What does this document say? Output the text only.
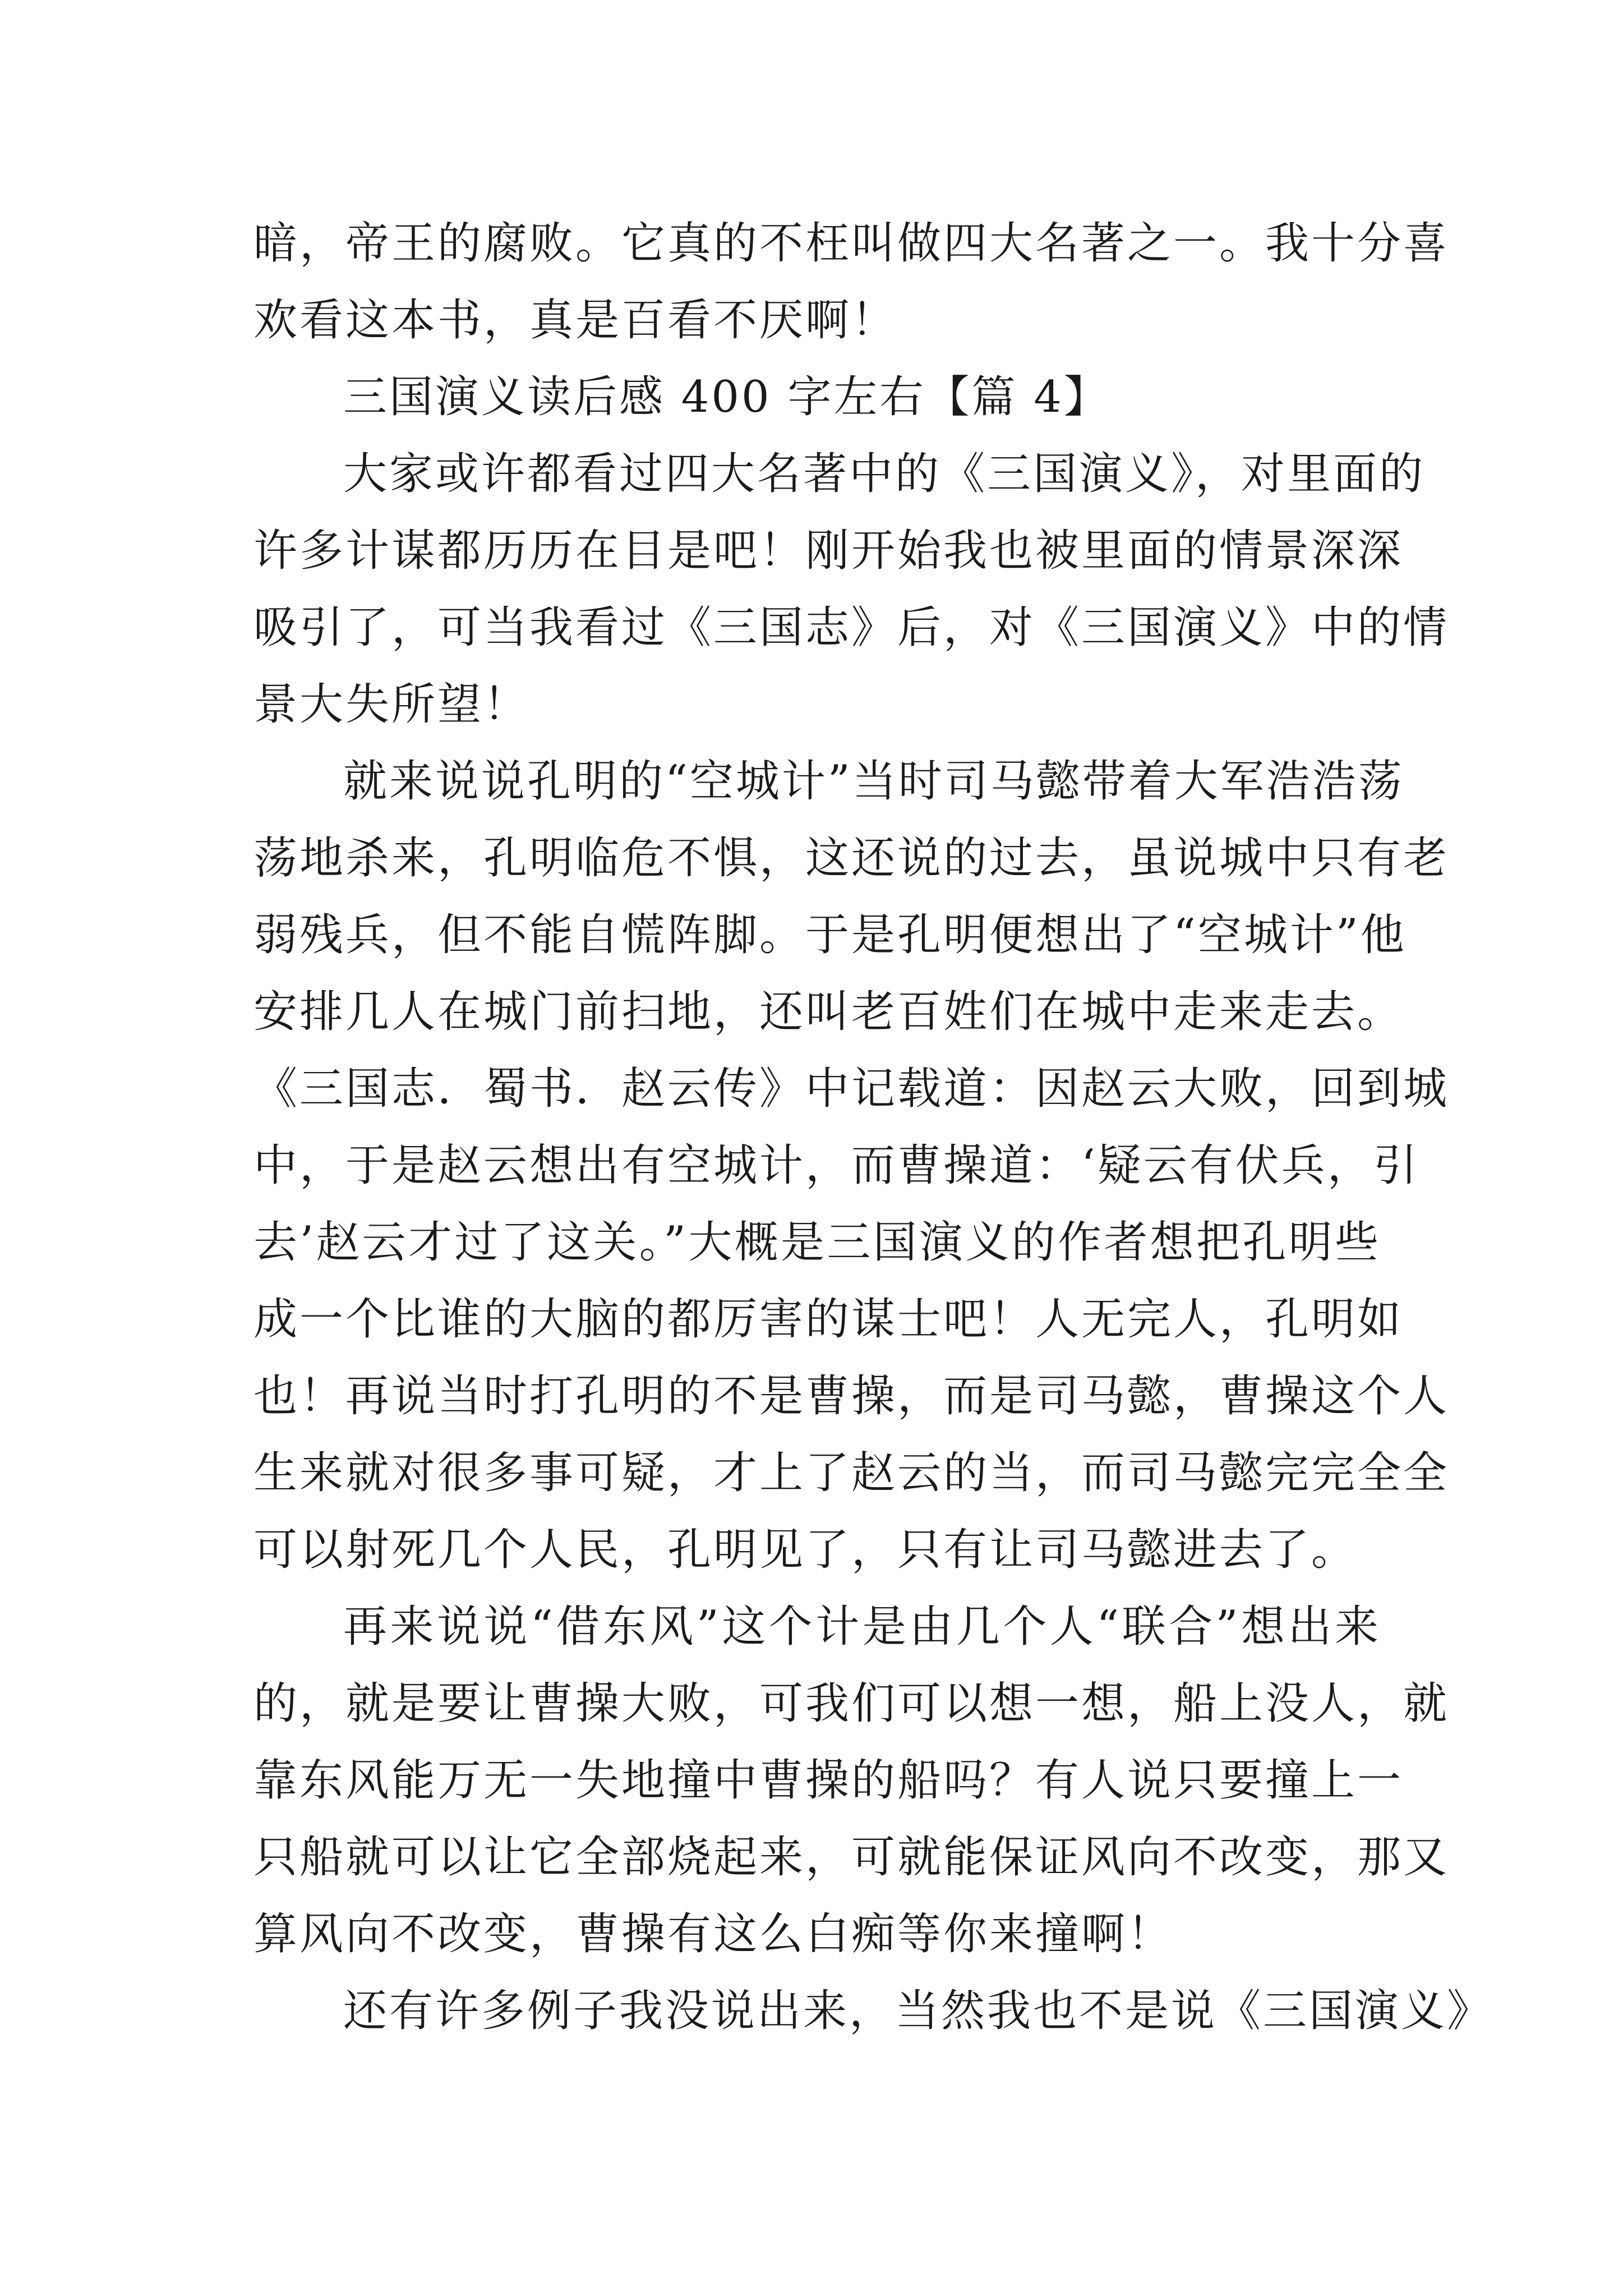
暗，帝王的腐败。它真的不枉叫做四大名著之一。我十分喜
欢看这本书，真是百看不厌啊！
三国演义读后感 400 字左右【篇 4】
大家或许都看过四大名著中的《三国演义》，对里面的
许多计谋都历历在目是吧！刚开始我也被里面的情景深深
吸引了，可当我看过《三国志》后，对《三国演义》中的情
景大失所望！
就来说说孔明的“空城计”当时司马懿带着大军浩浩荡
荡地杀来，孔明临危不惧，这还说的过去，虽说城中只有老
弱残兵，但不能自慌阵脚。于是孔明便想出了“空城计”他
安排几人在城门前扫地，还叫老百姓们在城中走来走去。
《三国志．蜀书．赵云传》中记载道：因赵云大败，回到城
中，于是赵云想出有空城计，而曹操道：‘疑云有伏兵，引
去’赵云才过了这关。”大概是三国演义的作者想把孔明些
成一个比谁的大脑的都厉害的谋士吧！人无完人，孔明如
也！再说当时打孔明的不是曹操，而是司马懿，曹操这个人
生来就对很多事可疑，才上了赵云的当，而司马懿完完全全
可以射死几个人民，孔明见了，只有让司马懿进去了。
再来说说“借东风”这个计是由几个人“联合”想出来
的，就是要让曹操大败，可我们可以想一想，船上没人，就
靠东风能万无一失地撞中曹操的船吗？有人说只要撞上一
只船就可以让它全部烧起来，可就能保证风向不改变，那又
算风向不改变，曹操有这么白痴等你来撞啊！
还有许多例子我没说出来，当然我也不是说《三国演义》
